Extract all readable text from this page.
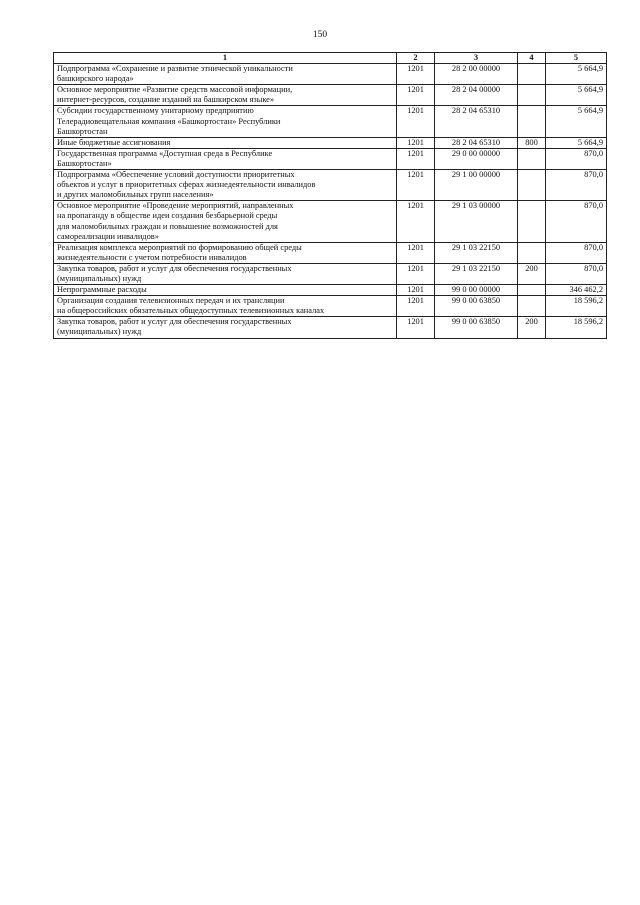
150
1	2	3	4	5

Подпрограмма «Сохранение и развитие этнической уникальности
башкирского народа»	1201	28 2 00 00000		5 664,9

Основное мероприятие «Развитие средств массовой информации,
интернет-ресурсов, создание изданий на башкирском языке»	1201	28 2 04 00000		5 664,9

Субсидии государственному унитарному предприятию
Телерадиовещательная компания «Башкортостан» Республики
Башкортостан	1201	28 2 04 65310		5 664,9

Иные бюджетные ассигнования	1201	28 2 04 65310	800	5 664,9

Государственная программа «Доступная среда в Республике
Башкортостан»	1201	29 0 00 00000		870,0

Подпрограмма «Обеспечение условий доступности приоритетных
объектов и услуг в приоритетных сферах жизнедеятельности инвалидов
и других маломобильных групп населения»	1201	29 1 00 00000		870,0

Основное мероприятие «Проведение мероприятий, направленных
на пропаганду в обществе идеи создания безбарьерной среды
для маломобильных граждан и повышение возможностей для
самореализации инвалидов»	1201	29 1 03 00000		870,0

Реализация комплекса мероприятий по формированию общей среды
жизнедеятельности с учетом потребности инвалидов	1201	29 1 03 22150		870,0

Закупка товаров, работ и услуг для обеспечения государственных
(муниципальных) нужд	1201	29 1 03 22150	200	870,0

Непрограммные расходы	1201	99 0 00 00000		346 462,2

Организация создания телевизионных передач и их трансляции
на общероссийских обязательных общедоступных телевизионных каналах	1201	99 0 00 63850		18 596,2

Закупка товаров, работ и услуг для обеспечения государственных
(муниципальных) нужд	1201	99 0 00 63850	200	18 596,2
